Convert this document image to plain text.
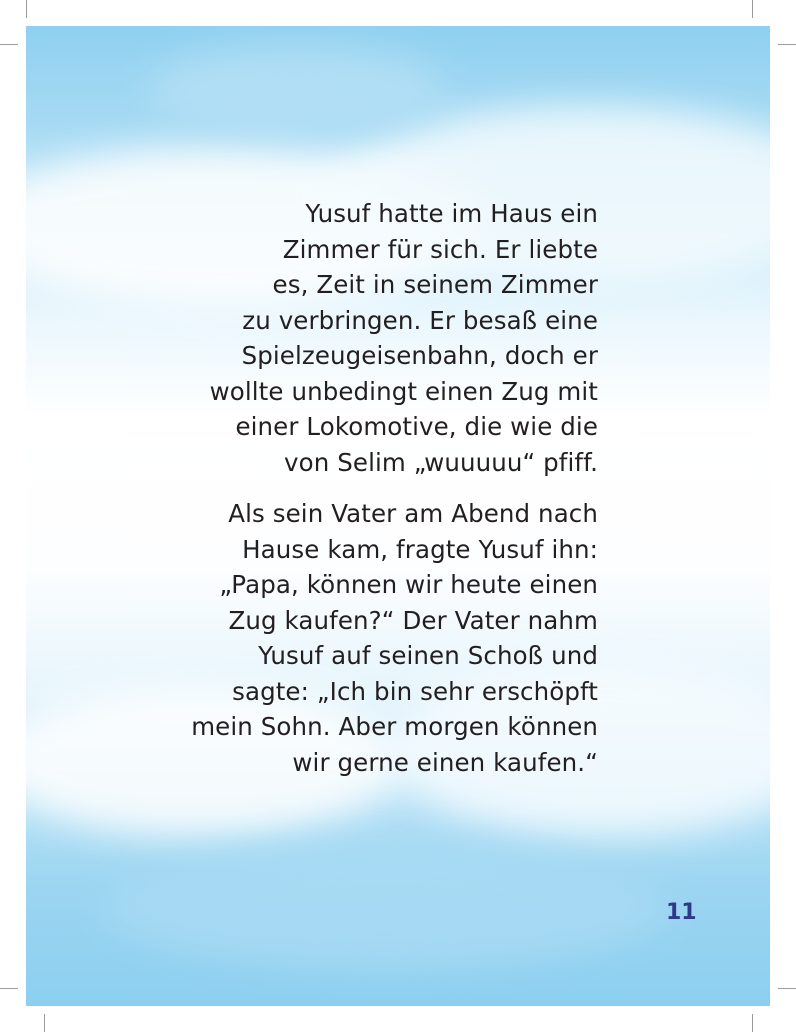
Yusuf hatte im Haus ein
Zimmer für sich. Er liebte
es, Zeit in seinem Zimmer
zu verbringen. Er besaß eine
Spielzeugeisenbahn, doch er
wollte unbedingt einen Zug mit
einer Lokomotive, die wie die
von Selim „wuuuuu“ pfiff.
Als sein Vater am Abend nach
Hause kam, fragte Yusuf ihn:
„Papa, können wir heute einen
Zug kaufen?“ Der Vater nahm
Yusuf auf seinen Schoß und
sagte: „Ich bin sehr erschöpft
mein Sohn. Aber morgen können
wir gerne einen kaufen.“
11
